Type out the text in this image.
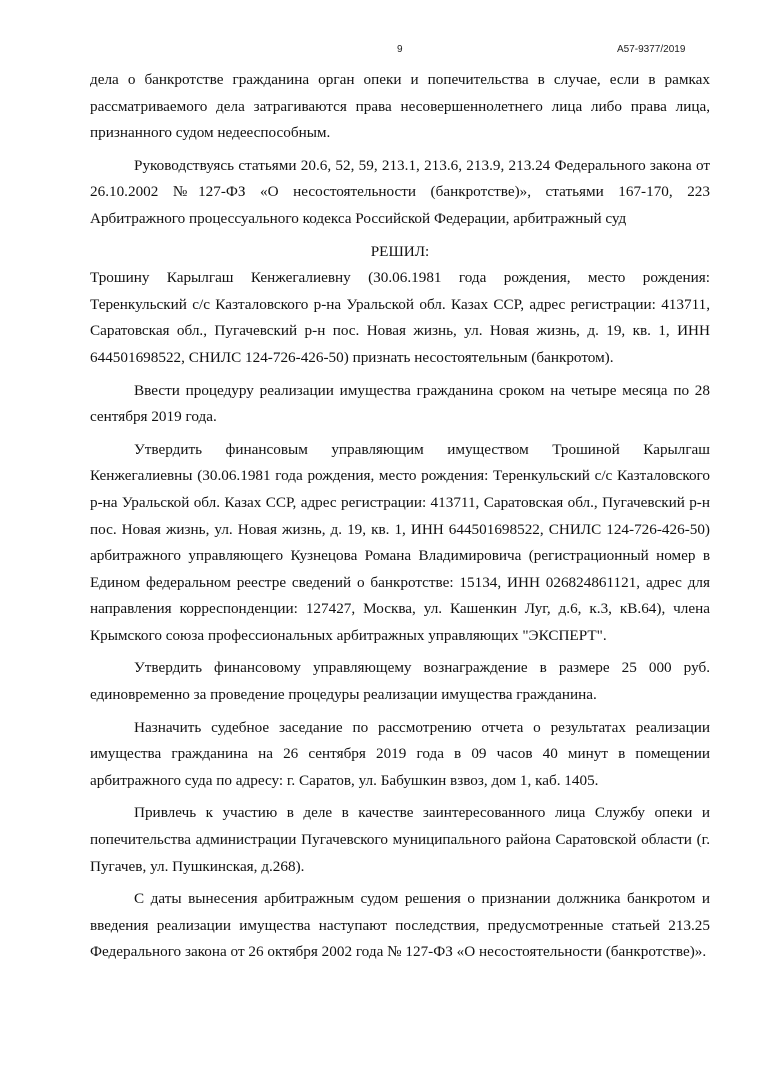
9	А57-9377/2019

дела о банкротстве гражданина орган опеки и попечительства в случае, если в рамках рассматриваемого дела затрагиваются права несовершеннолетнего лица либо права лица, признанного судом недееспособным.

Руководствуясь статьями 20.6, 52, 59, 213.1, 213.6, 213.9, 213.24 Федерального закона от 26.10.2002 №127-ФЗ «О несостоятельности (банкротстве)», статьями 167-170, 223 Арбитражного процессуального кодекса Российской Федерации, арбитражный суд

РЕШИЛ:

Трошину Карылгаш Кенжегалиевну (30.06.1981 года рождения, место рождения: Теренкульский с/с Казталовского р-на Уральской обл. Казах ССР, адрес регистрации: 413711, Саратовская обл., Пугачевский р-н пос. Новая жизнь, ул. Новая жизнь, д. 19, кв. 1, ИНН 644501698522, СНИЛС 124-726-426-50) признать несостоятельным (банкротом).

Ввести процедуру реализации имущества гражданина сроком на четыре месяца по 28 сентября 2019 года.

Утвердить финансовым управляющим имуществом Трошиной Карылгаш Кенжегалиевны (30.06.1981 года рождения, место рождения: Теренкульский с/с Казталовского р-на Уральской обл. Казах ССР, адрес регистрации: 413711, Саратовская обл., Пугачевский р-н пос. Новая жизнь, ул. Новая жизнь, д. 19, кв. 1, ИНН 644501698522, СНИЛС 124-726-426-50) арбитражного управляющего Кузнецова Романа Владимировича (регистрационный номер в Едином федеральном реестре сведений о банкротстве: 15134, ИНН 026824861121, адрес для направления корреспонденции: 127427, Москва, ул. Кашенкин Луг, д.6, к.3, кВ.64), члена Крымского союза профессиональных арбитражных управляющих "ЭКСПЕРТ".

Утвердить финансовому управляющему вознаграждение в размере 25 000 руб. единовременно за проведение процедуры реализации имущества гражданина.

Назначить судебное заседание по рассмотрению отчета о результатах реализации имущества гражданина на 26 сентября 2019 года в 09 часов 40 минут в помещении арбитражного суда по адресу: г. Саратов, ул. Бабушкин взвоз, дом 1, каб. 1405.

Привлечь к участию в деле в качестве заинтересованного лица Службу опеки и попечительства администрации Пугачевского муниципального района Саратовской области (г. Пугачев, ул. Пушкинская, д.268).

С даты вынесения арбитражным судом решения о признании должника банкротом и введения реализации имущества наступают последствия, предусмотренные статьей 213.25 Федерального закона от 26 октября 2002 года № 127-ФЗ «О несостоятельности (банкротстве)».
